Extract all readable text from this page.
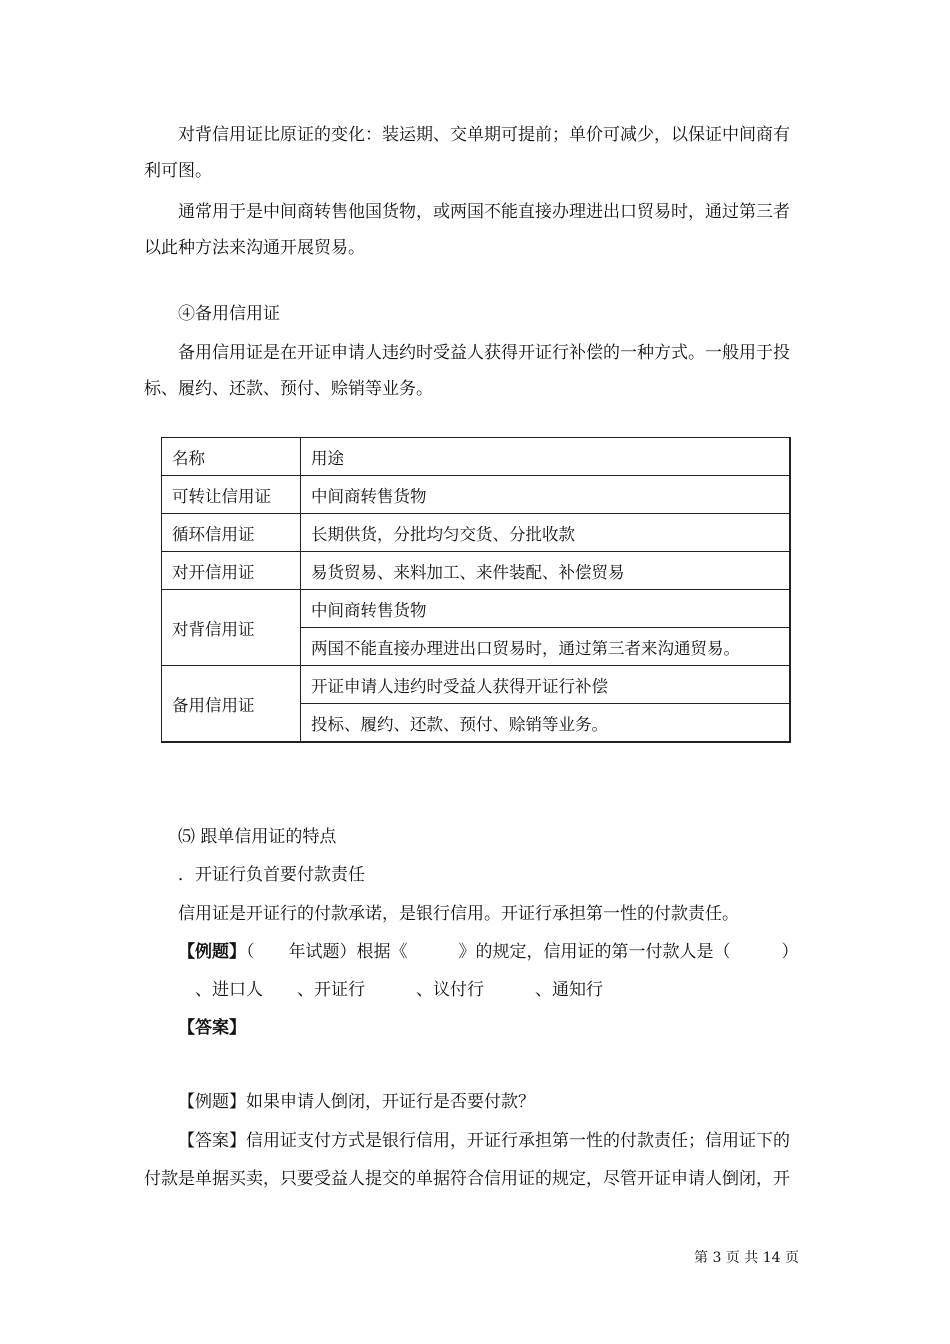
对背信用证比原证的变化：装运期、交单期可提前；单价可减少，以保证中间商有
利可图。
通常用于是中间商转售他国货物，或两国不能直接办理进出口贸易时，通过第三者
以此种方法来沟通开展贸易。
④备用信用证
备用信用证是在开证申请人违约时受益人获得开证行补偿的一种方式。一般用于投
标、履约、还款、预付、赊销等业务。
名称	用途
可转让信用证	中间商转售货物
循环信用证	长期供货，分批均匀交货、分批收款
对开信用证	易货贸易、来料加工、来件装配、补偿贸易
对背信用证	中间商转售货物
	两国不能直接办理进出口贸易时，通过第三者来沟通贸易。
备用信用证	开证申请人违约时受益人获得开证行补偿
	投标、履约、还款、预付、赊销等业务。
⑸ 跟单信用证的特点
．开证行负首要付款责任
信用证是开证行的付款承诺，是银行信用。开证行承担第一性的付款责任。
【例题】（　　年试题）根据《　　　》的规定，信用证的第一付款人是（　　　）
　、进口人　　、开证行　　　、议付行　　　、通知行
【答案】
【例题】如果申请人倒闭，开证行是否要付款？
【答案】信用证支付方式是银行信用，开证行承担第一性的付款责任；信用证下的
付款是单据买卖，只要受益人提交的单据符合信用证的规定，尽管开证申请人倒闭，开
第 3 页 共 14 页
